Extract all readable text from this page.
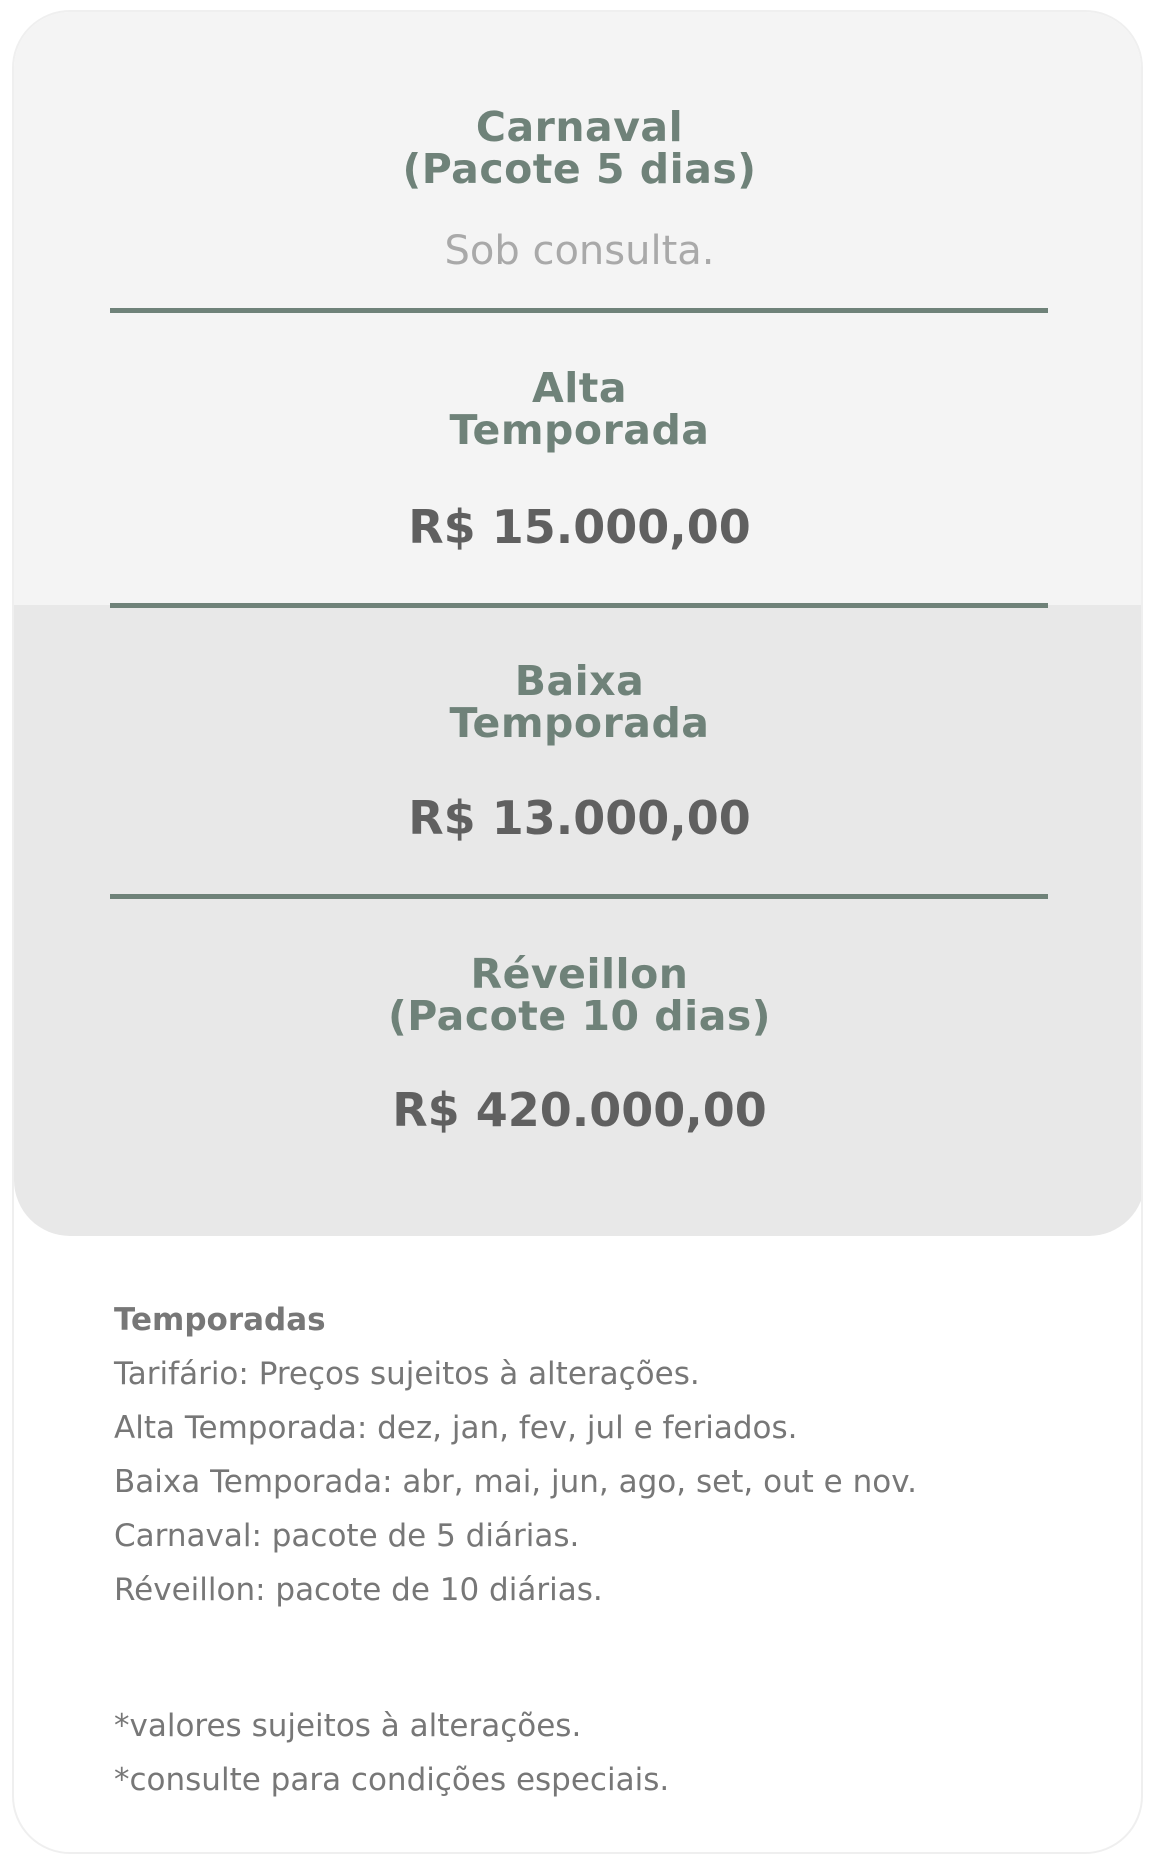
Carnaval
(Pacote 5 dias)
Sob consulta.
Alta
Temporada
R$ 15.000,00
Baixa
Temporada
R$ 13.000,00
Réveillon
(Pacote 10 dias)
R$ 420.000,00
Temporadas
Tarifário: Preços sujeitos à alterações.
Alta Temporada: dez, jan, fev, jul e feriados.
Baixa Temporada: abr, mai, jun, ago, set, out e nov.
Carnaval: pacote de 5 diárias.
Réveillon: pacote de 10 diárias.
*valores sujeitos à alterações.
*consulte para condições especiais.
